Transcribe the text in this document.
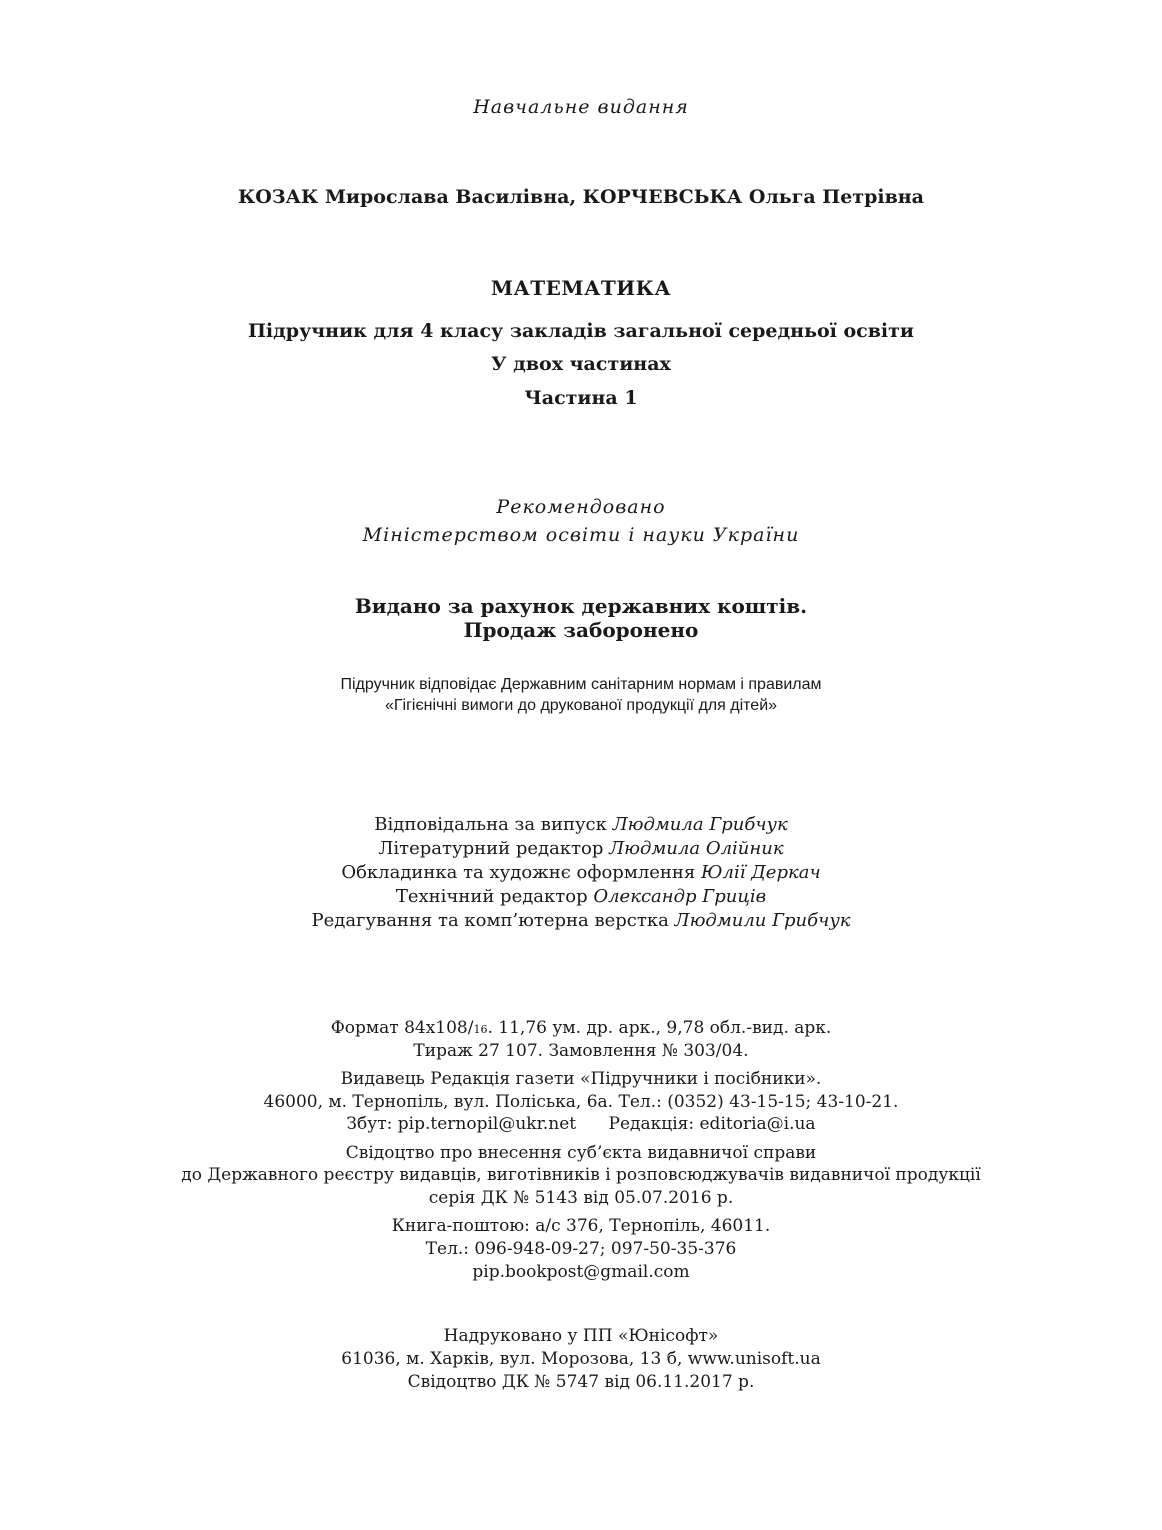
Навчальне видання
КОЗАК Мирослава Василівна, КОРЧЕВСЬКА Ольга Петрівна
МАТЕМАТИКА
Підручник для 4 класу закладів загальної середньої освіти
У двох частинах
Частина 1
Рекомендовано
Міністерством освіти і науки України
Видано за рахунок державних коштів.
Продаж заборонено
Підручник відповідає Державним санітарним нормам і правилам
«Гігієнічні вимоги до друкованої продукції для дітей»
Відповідальна за випуск Людмила Грибчук
Літературний редактор Людмила Олійник
Обкладинка та художнє оформлення Юлії Деркач
Технічний редактор Олександр Гриців
Редагування та комп’ютерна верстка Людмили Грибчук
Формат 84х108/16. 11,76 ум. др. арк., 9,78 обл.-вид. арк.
Тираж 27 107. Замовлення № 303/04.
Видавець Редакція газети «Підручники і посібники».
46000, м. Тернопіль, вул. Поліська, 6а. Тел.: (0352) 43-15-15; 43-10-21.
Збут: pip.ternopil@ukr.net Редакція: editoria@i.ua
Свідоцтво про внесення суб’єкта видавничої справи
до Державного реєстру видавців, виготівників і розповсюджувачів видавничої продукції
серія ДК № 5143 від 05.07.2016 р.
Книга-поштою: а/с 376, Тернопіль, 46011.
Тел.: 096-948-09-27; 097-50-35-376
pip.bookpost@gmail.com
Надруковано у ПП «Юнісофт»
61036, м. Харків, вул. Морозова, 13 б, www.unisoft.ua
Свідоцтво ДК № 5747 від 06.11.2017 р.
